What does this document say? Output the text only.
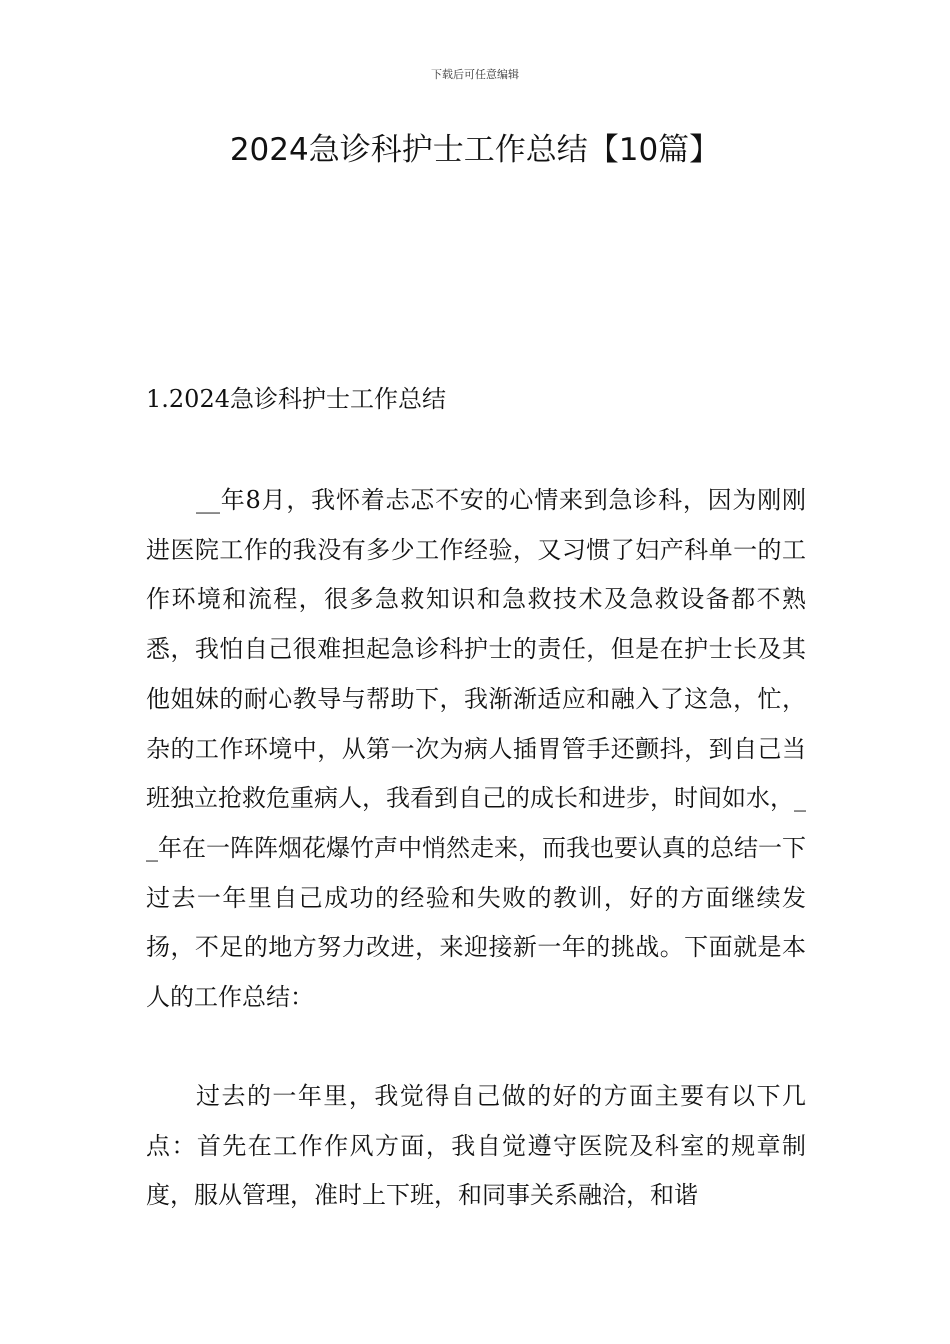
下载后可任意编辑
2024急诊科护士工作总结【10篇】
1.2024急诊科护士工作总结

__年8月，我怀着忐忑不安的心情来到急诊科，因为刚刚进医院工作的我没有多少工作经验，又习惯了妇产科单一的工作环境和流程，很多急救知识和急救技术及急救设备都不熟悉，我怕自己很难担起急诊科护士的责任，但是在护士长及其他姐妹的耐心教导与帮助下，我渐渐适应和融入了这急，忙，杂的工作环境中，从第一次为病人插胃管手还颤抖，到自己当班独立抢救危重病人，我看到自己的成长和进步，时间如水，__年在一阵阵烟花爆竹声中悄然走来，而我也要认真的总结一下过去一年里自己成功的经验和失败的教训，好的方面继续发扬，不足的地方努力改进，来迎接新一年的挑战。下面就是本人的工作总结：

过去的一年里，我觉得自己做的好的方面主要有以下几点：首先在工作作风方面，我自觉遵守医院及科室的规章制度，服从管理，准时上下班，和同事关系融洽，和谐
